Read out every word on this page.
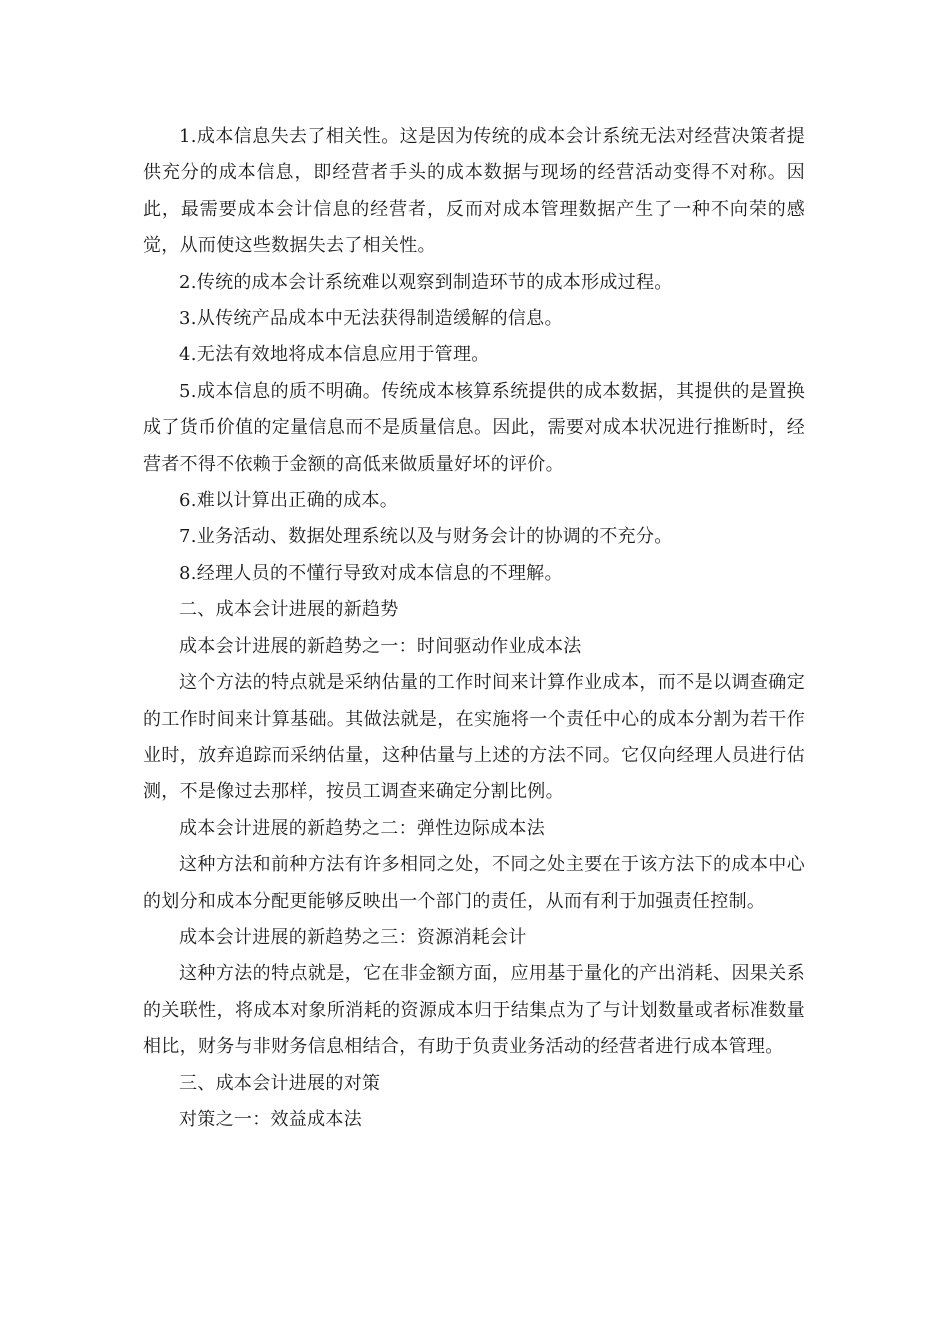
1.成本信息失去了相关性。这是因为传统的成本会计系统无法对经营决策者提供充分的成本信息，即经营者手头的成本数据与现场的经营活动变得不对称。因此，最需要成本会计信息的经营者，反而对成本管理数据产生了一种不向荣的感觉，从而使这些数据失去了相关性。

2.传统的成本会计系统难以观察到制造环节的成本形成过程。

3.从传统产品成本中无法获得制造缓解的信息。

4.无法有效地将成本信息应用于管理。

5.成本信息的质不明确。传统成本核算系统提供的成本数据，其提供的是置换成了货币价值的定量信息而不是质量信息。因此，需要对成本状况进行推断时，经营者不得不依赖于金额的高低来做质量好坏的评价。

6.难以计算出正确的成本。

7.业务活动、数据处理系统以及与财务会计的协调的不充分。

8.经理人员的不懂行导致对成本信息的不理解。

二、成本会计进展的新趋势

成本会计进展的新趋势之一：时间驱动作业成本法

这个方法的特点就是采纳估量的工作时间来计算作业成本，而不是以调查确定的工作时间来计算基础。其做法就是，在实施将一个责任中心的成本分割为若干作业时，放弃追踪而采纳估量，这种估量与上述的方法不同。它仅向经理人员进行估测，不是像过去那样，按员工调查来确定分割比例。

成本会计进展的新趋势之二：弹性边际成本法

这种方法和前种方法有许多相同之处，不同之处主要在于该方法下的成本中心的划分和成本分配更能够反映出一个部门的责任，从而有利于加强责任控制。

成本会计进展的新趋势之三：资源消耗会计

这种方法的特点就是，它在非金额方面，应用基于量化的产出消耗、因果关系的关联性，将成本对象所消耗的资源成本归于结集点为了与计划数量或者标准数量相比，财务与非财务信息相结合，有助于负责业务活动的经营者进行成本管理。

三、成本会计进展的对策

对策之一：效益成本法
